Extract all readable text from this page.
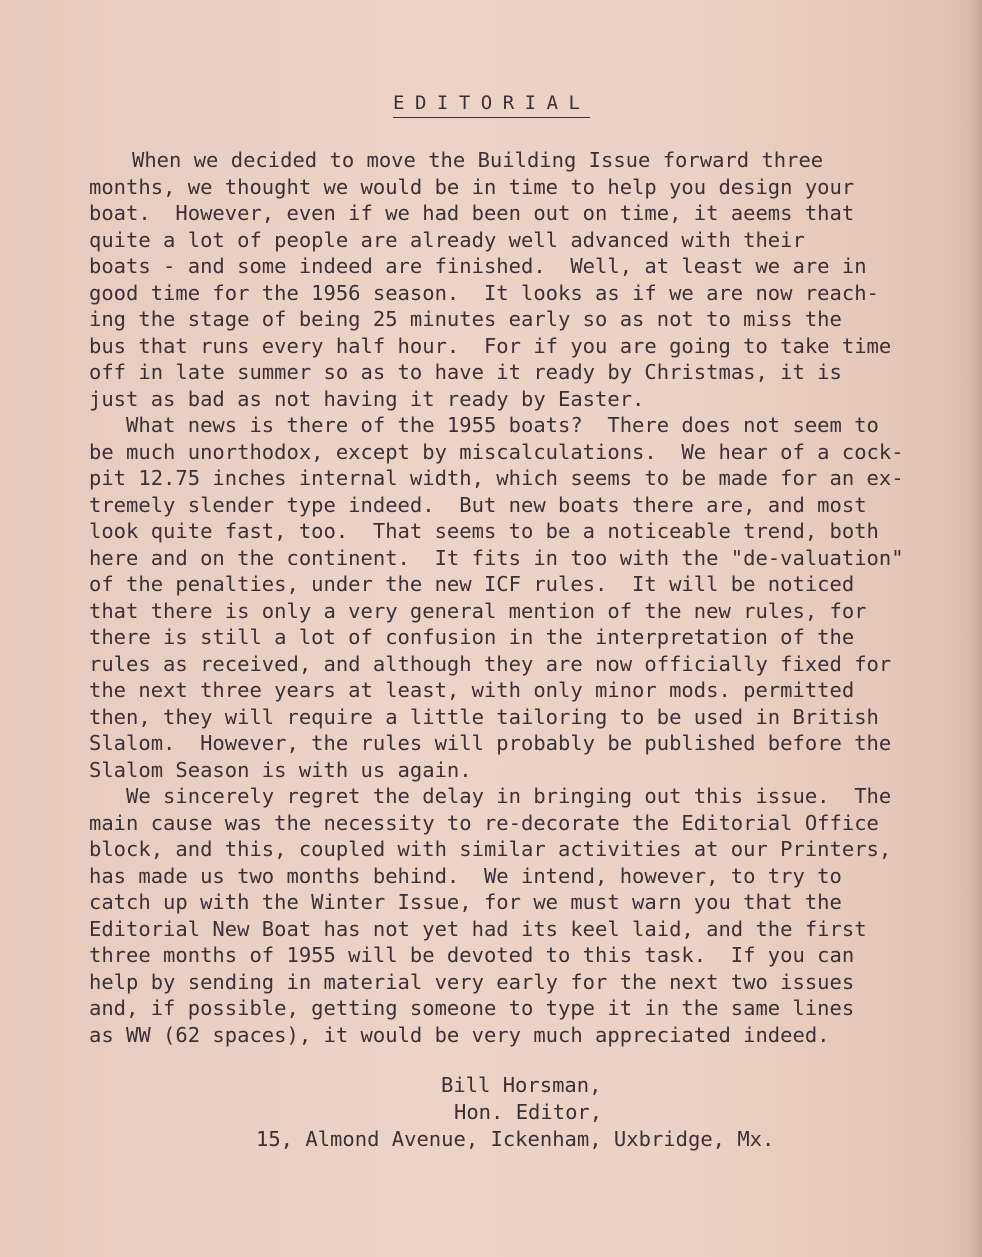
EDITORIAL
When we decided to move the Building Issue forward three
months, we thought we would be in time to help you design your
boat.  However, even if we had been out on time, it aeems that
quite a lot of people are already well advanced with their
boats - and some indeed are finished.  Well, at least we are in
good time for the 1956 season.  It looks as if we are now reach-
ing the stage of being 25 minutes early so as not to miss the
bus that runs every half hour.  For if you are going to take time
off in late summer so as to have it ready by Christmas, it is
just as bad as not having it ready by Easter.
What news is there of the 1955 boats?  There does not seem to
be much unorthodox, except by miscalculations.  We hear of a cock-
pit 12.75 inches internal width, which seems to be made for an ex-
tremely slender type indeed.  But new boats there are, and most
look quite fast, too.  That seems to be a noticeable trend, both
here and on the continent.  It fits in too with the "de-valuation"
of the penalties, under the new ICF rules.  It will be noticed
that there is only a very general mention of the new rules, for
there is still a lot of confusion in the interpretation of the
rules as received, and although they are now officially fixed for
the next three years at least, with only minor mods. permitted
then, they will require a little tailoring to be used in British
Slalom.  However, the rules will probably be published before the
Slalom Season is with us again.
We sincerely regret the delay in bringing out this issue.  The
main cause was the necessity to re-decorate the Editorial Office
block, and this, coupled with similar activities at our Printers,
has made us two months behind.  We intend, however, to try to
catch up with the Winter Issue, for we must warn you that the
Editorial New Boat has not yet had its keel laid, and the first
three months of 1955 will be devoted to this task.  If you can
help by sending in material very early for the next two issues
and, if possible, getting someone to type it in the same lines
as WW (62 spaces), it would be very much appreciated indeed.
Bill Horsman,
Hon. Editor,
15, Almond Avenue, Ickenham, Uxbridge, Mx.
